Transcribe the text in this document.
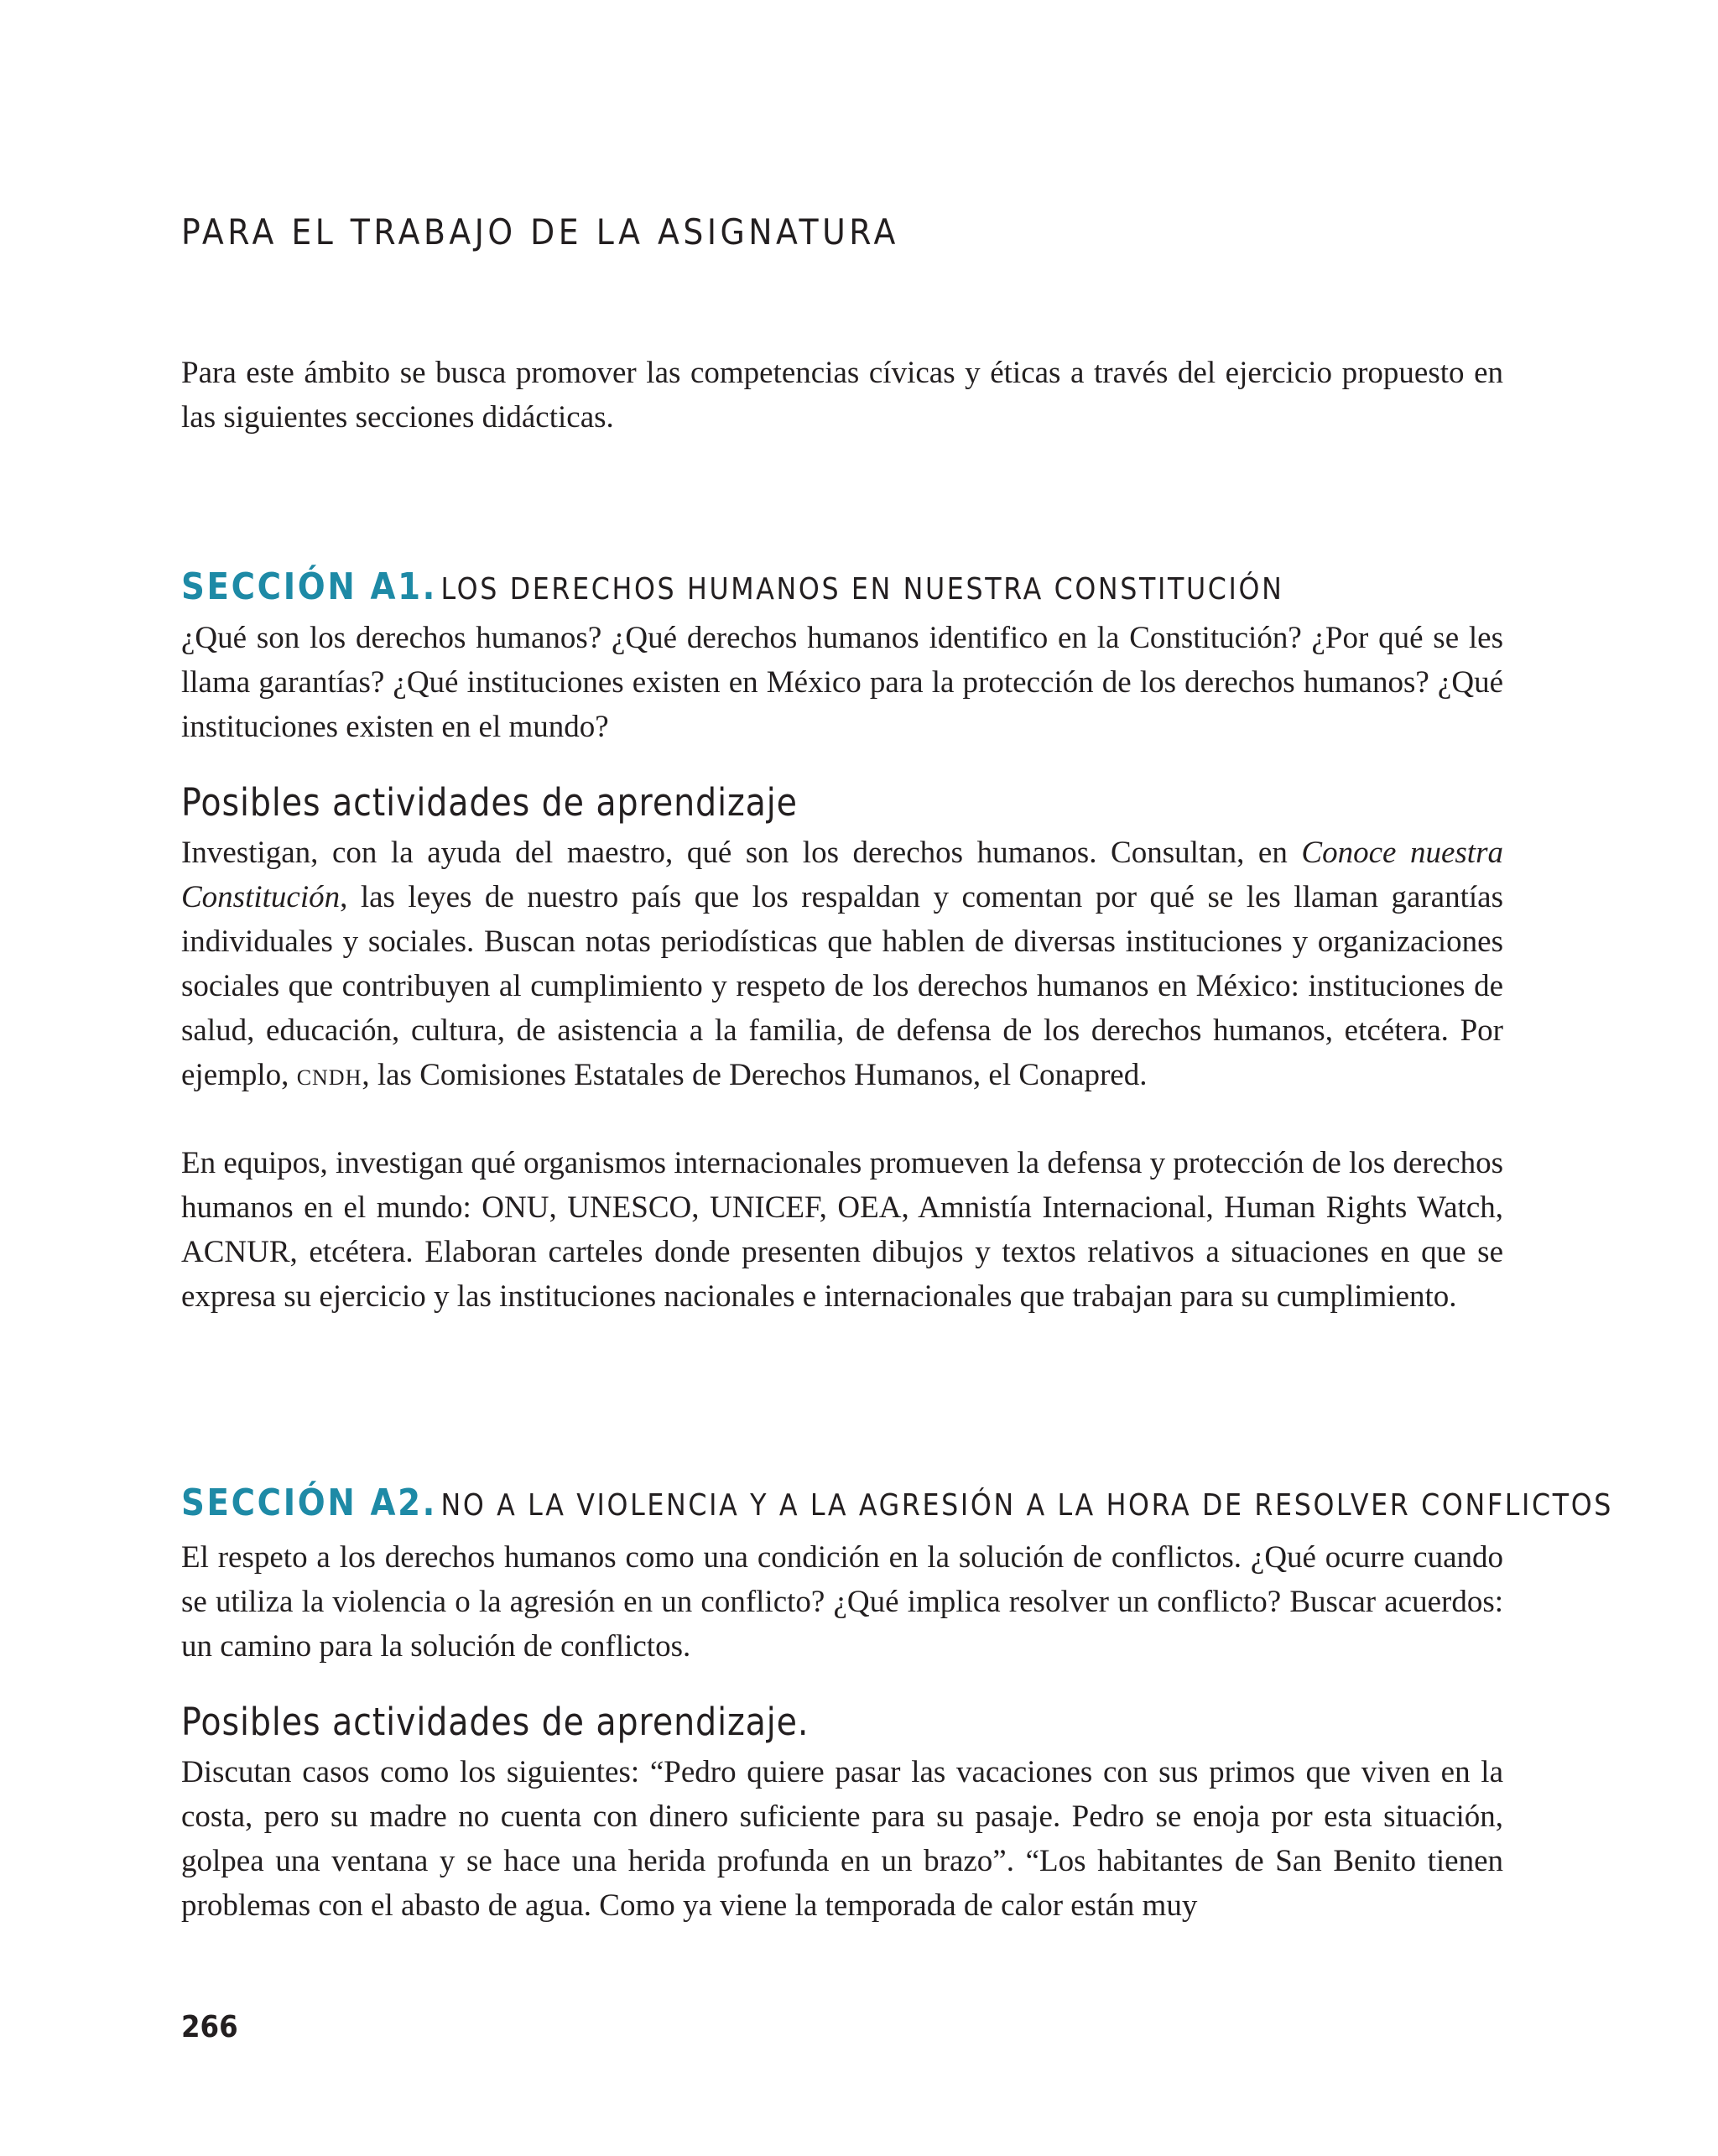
PARA EL TRABAJO DE LA ASIGNATURA

Para este ámbito se busca promover las competencias cívicas y éticas a través del ejercicio propuesto en las siguientes secciones didácticas.

SECCIÓN A1. LOS DERECHOS HUMANOS EN NUESTRA CONSTITUCIÓN

¿Qué son los derechos humanos? ¿Qué derechos humanos identifico en la Constitución? ¿Por qué se les llama garantías? ¿Qué instituciones existen en México para la protección de los derechos humanos? ¿Qué instituciones existen en el mundo?

Posibles actividades de aprendizaje

Investigan, con la ayuda del maestro, qué son los derechos humanos. Consultan, en Conoce nuestra Constitución, las leyes de nuestro país que los respaldan y comentan por qué se les llaman garantías individuales y sociales. Buscan notas periodísticas que hablen de diversas instituciones y organizaciones sociales que contribuyen al cumplimiento y respeto de los derechos humanos en México: instituciones de salud, educación, cultura, de asistencia a la familia, de defensa de los derechos humanos, etcétera. Por ejemplo, cndh, las Comisiones Estatales de Derechos Humanos, el Conapred.

En equipos, investigan qué organismos internacionales promueven la defensa y protección de los derechos humanos en el mundo: ONU, UNESCO, UNICEF, OEA, Amnistía Internacional, Human Rights Watch, ACNUR, etcétera. Elaboran carteles donde presenten dibujos y textos relativos a situaciones en que se expresa su ejercicio y las instituciones nacionales e internacionales que trabajan para su cumplimiento.

SECCIÓN A2. NO A LA VIOLENCIA Y A LA AGRESIÓN A LA HORA DE RESOLVER CONFLICTOS

El respeto a los derechos humanos como una condición en la solución de conflictos. ¿Qué ocurre cuando se utiliza la violencia o la agresión en un conflicto? ¿Qué implica resolver un conflicto? Buscar acuerdos: un camino para la solución de conflictos.

Posibles actividades de aprendizaje.

Discutan casos como los siguientes: “Pedro quiere pasar las vacaciones con sus primos que viven en la costa, pero su madre no cuenta con dinero suficiente para su pasaje. Pedro se enoja por esta situación, golpea una ventana y se hace una herida profunda en un brazo”. “Los habitantes de San Benito tienen problemas con el abasto de agua. Como ya viene la temporada de calor están muy

266
